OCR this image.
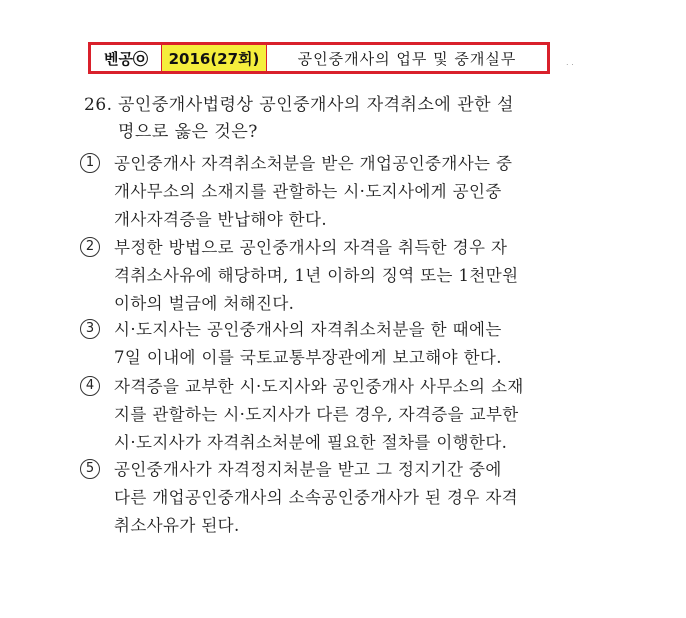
벤공㉧	2016(27회)	공인중개사의 업무 및 중개실무	. .
26. 공인중개사법령상 공인중개사의 자격취소에 관한 설
명으로 옳은 것은?
1	공인중개사 자격취소처분을 받은 개업공인중개사는 중
개사무소의 소재지를 관할하는 시·도지사에게 공인중
개사자격증을 반납해야 한다.
2	부정한 방법으로 공인중개사의 자격을 취득한 경우 자
격취소사유에 해당하며, 1년 이하의 징역 또는 1천만원
이하의 벌금에 처해진다.
3	시·도지사는 공인중개사의 자격취소처분을 한 때에는
7일 이내에 이를 국토교통부장관에게 보고해야 한다.
4	자격증을 교부한 시·도지사와 공인중개사 사무소의 소재
지를 관할하는 시·도지사가 다른 경우, 자격증을 교부한
시·도지사가 자격취소처분에 필요한 절차를 이행한다.
5	공인중개사가 자격정지처분을 받고 그 정지기간 중에
다른 개업공인중개사의 소속공인중개사가 된 경우 자격
취소사유가 된다.
